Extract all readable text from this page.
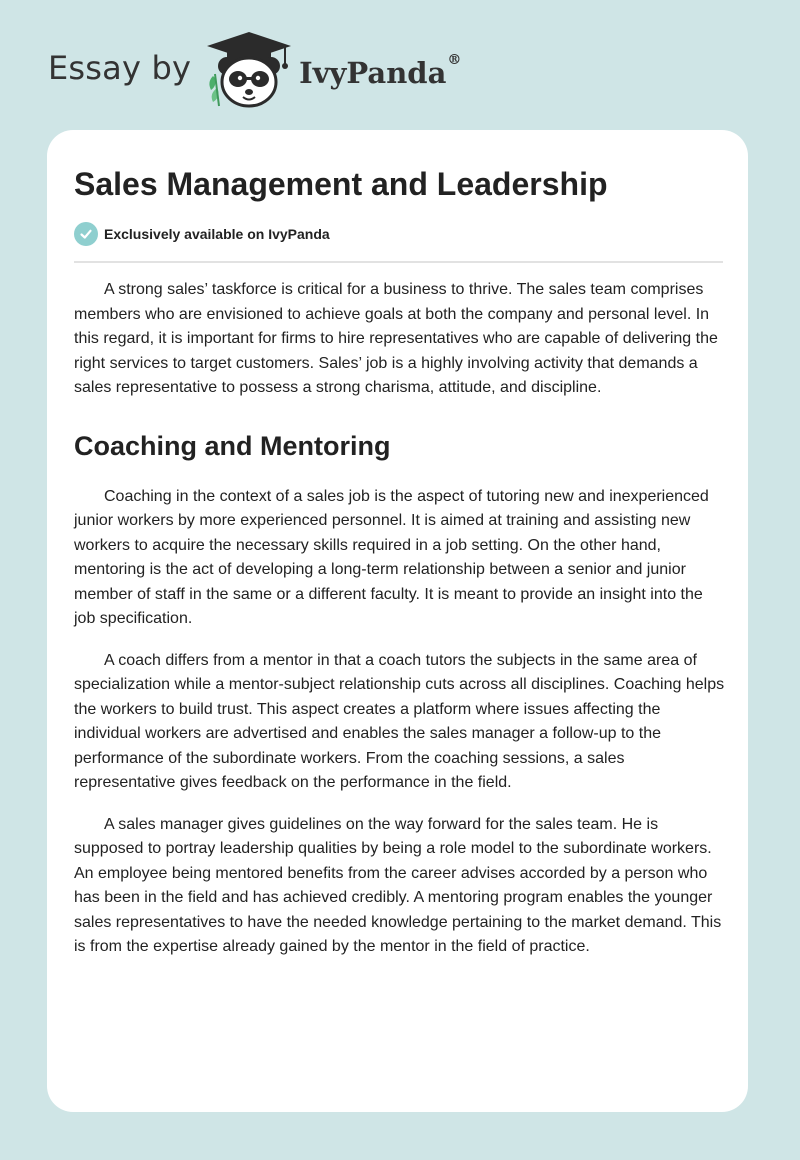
Essay by	IvyPanda®
Sales Management and Leadership
Exclusively available on IvyPanda

A strong sales’ taskforce is critical for a business to thrive. The sales team comprises members who are envisioned to achieve goals at both the company and personal level. In this regard, it is important for firms to hire representatives who are capable of delivering the right services to target customers. Sales’ job is a highly involving activity that demands a sales representative to possess a strong charisma, attitude, and discipline.

Coaching and Mentoring

Coaching in the context of a sales job is the aspect of tutoring new and inexperienced junior workers by more experienced personnel. It is aimed at training and assisting new workers to acquire the necessary skills required in a job setting. On the other hand, mentoring is the act of developing a long-term relationship between a senior and junior member of staff in the same or a different faculty. It is meant to provide an insight into the job specification.

A coach differs from a mentor in that a coach tutors the subjects in the same area of specialization while a mentor-subject relationship cuts across all disciplines. Coaching helps the workers to build trust. This aspect creates a platform where issues affecting the individual workers are advertised and enables the sales manager a follow-up to the performance of the subordinate workers. From the coaching sessions, a sales representative gives feedback on the performance in the field.

A sales manager gives guidelines on the way forward for the sales team. He is supposed to portray leadership qualities by being a role model to the subordinate workers. An employee being mentored benefits from the career advises accorded by a person who has been in the field and has achieved credibly. A mentoring program enables the younger sales representatives to have the needed knowledge pertaining to the market demand. This is from the expertise already gained by the mentor in the field of practice.
